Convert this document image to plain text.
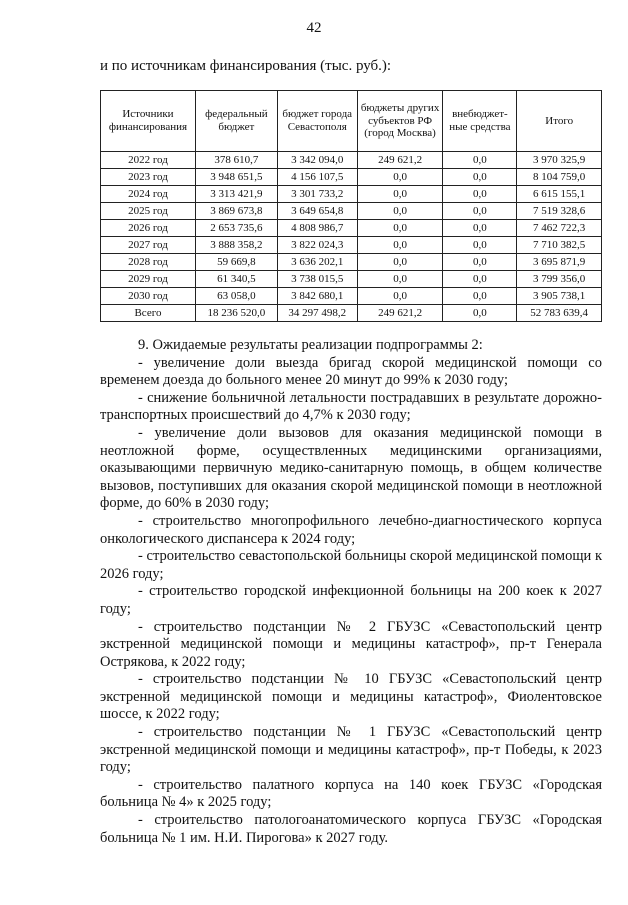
42
и по источникам финансирования (тыс. руб.):
Источники финансирования	федеральный бюджет	бюджет города Севастополя	бюджеты других субъектов РФ (город Москва)	внебюджет-ные средства	Итого
2022 год	378 610,7	3 342 094,0	249 621,2	0,0	3 970 325,9
2023 год	3 948 651,5	4 156 107,5	0,0	0,0	8 104 759,0
2024 год	3 313 421,9	3 301 733,2	0,0	0,0	6 615 155,1
2025 год	3 869 673,8	3 649 654,8	0,0	0,0	7 519 328,6
2026 год	2 653 735,6	4 808 986,7	0,0	0,0	7 462 722,3
2027 год	3 888 358,2	3 822 024,3	0,0	0,0	7 710 382,5
2028 год	59 669,8	3 636 202,1	0,0	0,0	3 695 871,9
2029 год	61 340,5	3 738 015,5	0,0	0,0	3 799 356,0
2030 год	63 058,0	3 842 680,1	0,0	0,0	3 905 738,1
Всего	18 236 520,0	34 297 498,2	249 621,2	0,0	52 783 639,4

9. Ожидаемые результаты реализации подпрограммы 2:

- увеличение доли выезда бригад скорой медицинской помощи со временем доезда до больного менее 20 минут до 99% к 2030 году;

- снижение больничной летальности пострадавших в результате дорожно-транспортных происшествий до 4,7% к 2030 году;

- увеличение доли вызовов для оказания медицинской помощи в неотложной форме, осуществленных медицинскими организациями, оказывающими первичную медико-санитарную помощь, в общем количестве вызовов, поступивших для оказания скорой медицинской помощи в неотложной форме, до 60% в 2030 году;

- строительство многопрофильного лечебно-диагностического корпуса онкологического диспансера к 2024 году;

- строительство севастопольской больницы скорой медицинской помощи к 2026 году;

- строительство городской инфекционной больницы на 200 коек к 2027 году;

- строительство подстанции № 2 ГБУЗС «Севастопольский центр экстренной медицинской помощи и медицины катастроф», пр-т Генерала Острякова, к 2022 году;

- строительство подстанции № 10 ГБУЗС «Севастопольский центр экстренной медицинской помощи и медицины катастроф», Фиолентовское шоссе, к 2022 году;

- строительство подстанции № 1 ГБУЗС «Севастопольский центр экстренной медицинской помощи и медицины катастроф», пр-т Победы, к 2023 году;

- строительство палатного корпуса на 140 коек ГБУЗС «Городская больница № 4» к 2025 году;

- строительство патологоанатомического корпуса ГБУЗС «Городская больница № 1 им. Н.И. Пирогова» к 2027 году.
